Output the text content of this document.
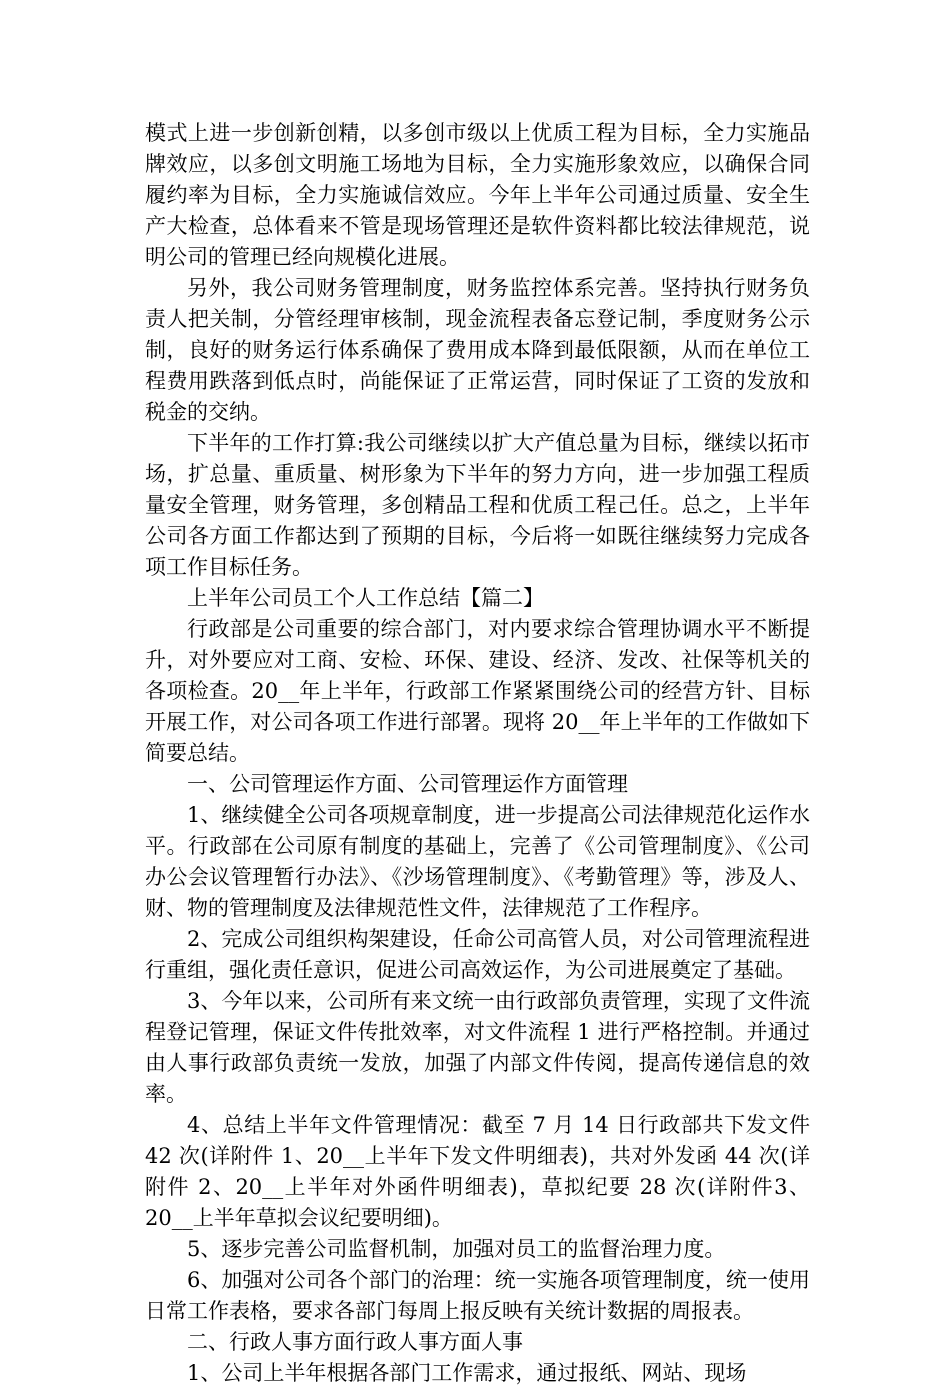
模式上进一步创新创精，以多创市级以上优质工程为目标，全力实施品牌效应，以多创文明施工场地为目标，全力实施形象效应，以确保合同履约率为目标，全力实施诚信效应。今年上半年公司通过质量、安全生产大检查，总体看来不管是现场管理还是软件资料都比较法律规范，说明公司的管理已经向规模化进展。

另外，我公司财务管理制度，财务监控体系完善。坚持执行财务负责人把关制，分管经理审核制，现金流程表备忘登记制，季度财务公示制，良好的财务运行体系确保了费用成本降到最低限额，从而在单位工程费用跌落到低点时，尚能保证了正常运营，同时保证了工资的发放和税金的交纳。

下半年的工作打算:我公司继续以扩大产值总量为目标，继续以拓市场，扩总量、重质量、树形象为下半年的努力方向，进一步加强工程质量安全管理，财务管理，多创精品工程和优质工程己任。总之，上半年公司各方面工作都达到了预期的目标，今后将一如既往继续努力完成各项工作目标任务。

上半年公司员工个人工作总结【篇二】

行政部是公司重要的综合部门，对内要求综合管理协调水平不断提升，对外要应对工商、安检、环保、建设、经济、发改、社保等机关的各项检查。20__年上半年，行政部工作紧紧围绕公司的经营方针、目标开展工作，对公司各项工作进行部署。现将 20__年上半年的工作做如下简要总结。

一、公司管理运作方面、公司管理运作方面管理

1、继续健全公司各项规章制度，进一步提高公司法律规范化运作水平。行政部在公司原有制度的基础上，完善了《公司管理制度》、《公司办公会议管理暂行办法》、《沙场管理制度》、《考勤管理》等，涉及人、财、物的管理制度及法律规范性文件，法律规范了工作程序。

2、完成公司组织构架建设，任命公司高管人员，对公司管理流程进行重组，强化责任意识，促进公司高效运作，为公司进展奠定了基础。

3、今年以来，公司所有来文统一由行政部负责管理，实现了文件流程登记管理，保证文件传批效率，对文件流程 1 进行严格控制。并通过由人事行政部负责统一发放，加强了内部文件传阅，提高传递信息的效率。

4、总结上半年文件管理情况：截至 7 月 14 日行政部共下发文件 42 次(详附件 1、20__上半年下发文件明细表)，共对外发函 44 次(详附件 2、20__上半年对外函件明细表)，草拟纪要 28 次(详附件3、20__上半年草拟会议纪要明细)。

5、逐步完善公司监督机制，加强对员工的监督治理力度。

6、加强对公司各个部门的治理：统一实施各项管理制度，统一使用日常工作表格，要求各部门每周上报反映有关统计数据的周报表。

二、行政人事方面行政人事方面人事

1、公司上半年根据各部门工作需求，通过报纸、网站、现场
